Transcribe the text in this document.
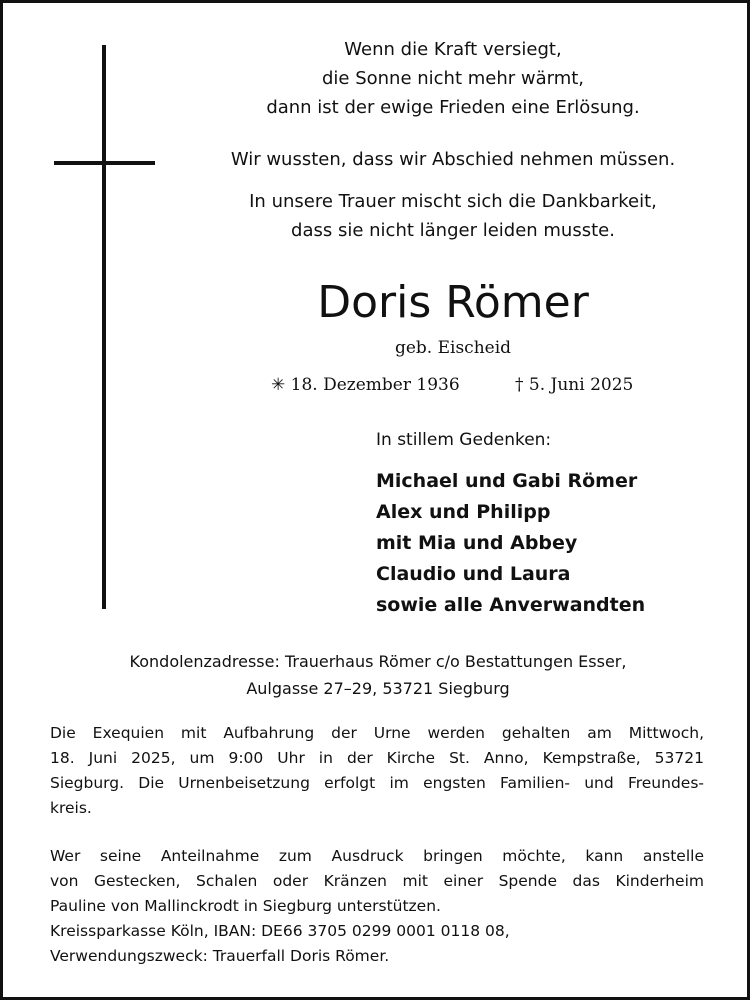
Wenn die Kraft versiegt,
die Sonne nicht mehr wärmt,
dann ist der ewige Frieden eine Erlösung.
Wir wussten, dass wir Abschied nehmen müssen.
In unsere Trauer mischt sich die Dankbarkeit,
dass sie nicht länger leiden musste.
Doris Römer
geb. Eischeid
✳ 18. Dezember 1936	† 5. Juni 2025
In stillem Gedenken:
Michael und Gabi Römer
Alex und Philipp
mit Mia und Abbey
Claudio und Laura
sowie alle Anverwandten
Kondolenzadresse: Trauerhaus Römer c/o Bestattungen Esser,
Aulgasse 27–29, 53721 Siegburg
Die Exequien mit Aufbahrung der Urne werden gehalten am Mittwoch,
18. Juni 2025, um 9:00 Uhr in der Kirche St. Anno, Kempstraße, 53721
Siegburg. Die Urnenbeisetzung erfolgt im engsten Familien- und Freundes-
kreis.
Wer seine Anteilnahme zum Ausdruck bringen möchte, kann anstelle
von Gestecken, Schalen oder Kränzen mit einer Spende das Kinderheim
Pauline von Mallinckrodt in Siegburg unterstützen.
Kreissparkasse Köln, IBAN: DE66 3705 0299 0001 0118 08,
Verwendungszweck: Trauerfall Doris Römer.
